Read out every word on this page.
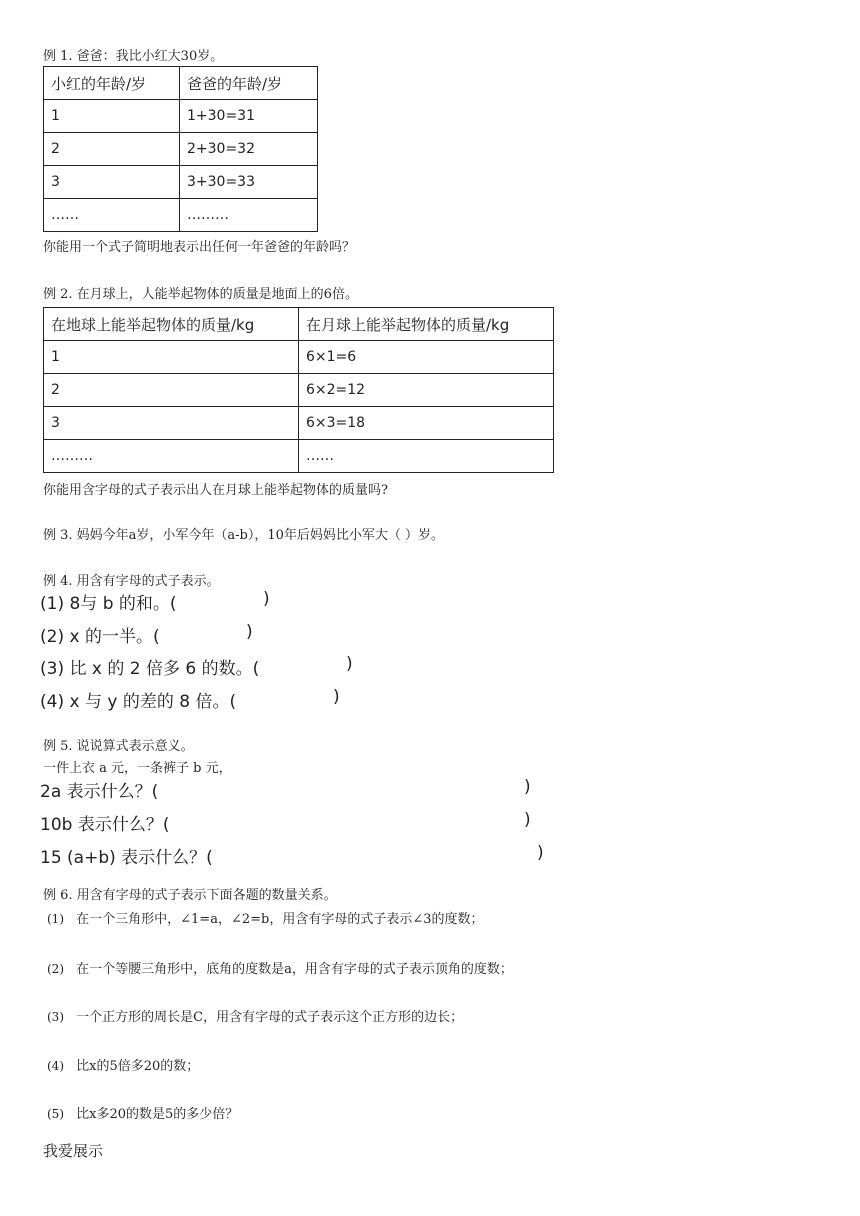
例 1. 爸爸：我比小红大30岁。
小红的年龄/岁	爸爸的年龄/岁
1	1+30=31
2	2+30=32
3	3+30=33
……	………
你能用一个式子简明地表示出任何一年爸爸的年龄吗？
例 2. 在月球上，人能举起物体的质量是地面上的6倍。
在地球上能举起物体的质量/kg	在月球上能举起物体的质量/kg
1	6×1=6
2	6×2=12
3	6×3=18
………	……
你能用含字母的式子表示出人在月球上能举起物体的质量吗?
例 3. 妈妈今年a岁，小军今年（a-b），10年后妈妈比小军大（ ）岁。
例 4. 用含有字母的式子表示。
(1) 8与 b 的和。(	)
(2) x 的一半。(	)
(3) 比 x 的 2 倍多 6 的数。(	)
(4) x 与 y 的差的 8 倍。(	)
例 5. 说说算式表示意义。
一件上衣 a 元，一条裤子 b 元，
2a 表示什么？(	)
10b 表示什么？(	)
15 (a+b) 表示什么？(	)
例 6. 用含有字母的式子表示下面各题的数量关系。
(1) 在一个三角形中，∠1=a，∠2=b，用含有字母的式子表示∠3的度数；
(2) 在一个等腰三角形中，底角的度数是a，用含有字母的式子表示顶角的度数；
(3) 一个正方形的周长是C，用含有字母的式子表示这个正方形的边长；
(4) 比x的5倍多20的数；
(5) 比x多20的数是5的多少倍？
我爱展示
